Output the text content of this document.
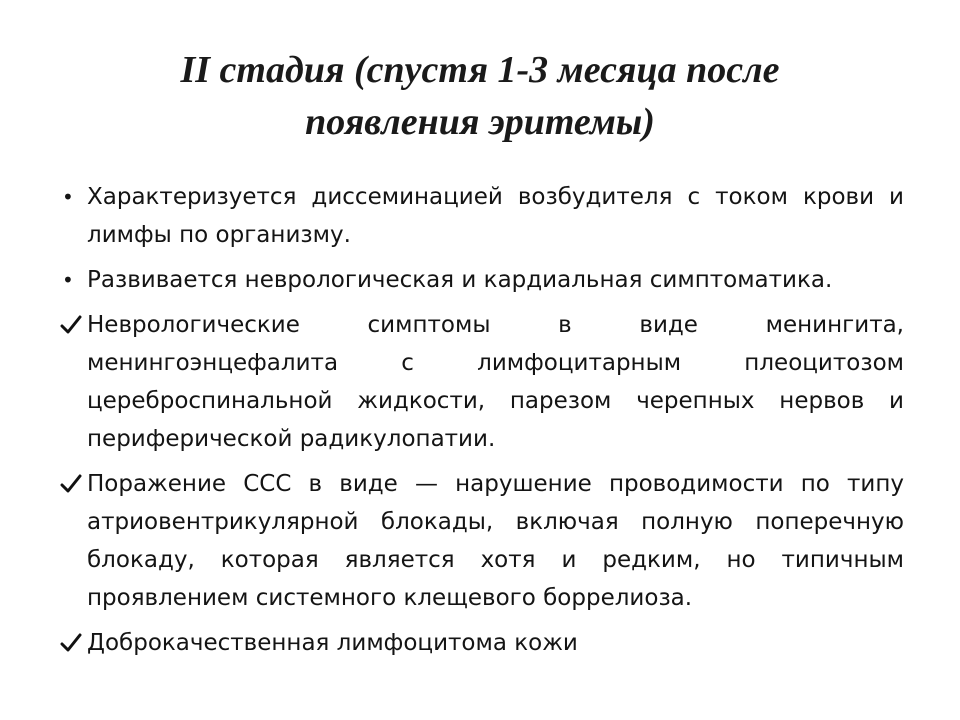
II стадия (спустя 1-3 месяца после
появления эритемы)
• Характеризуется диссеминацией возбудителя с током крови и лимфы по организму.
• Развивается неврологическая и кардиальная симптоматика.
Неврологические симптомы в виде менингита, менингоэнцефалита с лимфоцитарным плеоцитозом цереброспинальной жидкости, парезом черепных нервов и периферической радикулопатии.
Поражение ССС в виде — нарушение проводимости по типу атриовентрикулярной блокады, включая полную поперечную блокаду, которая является хотя и редким, но типичным проявлением системного клещевого боррелиоза.
Доброкачественная лимфоцитома кожи
